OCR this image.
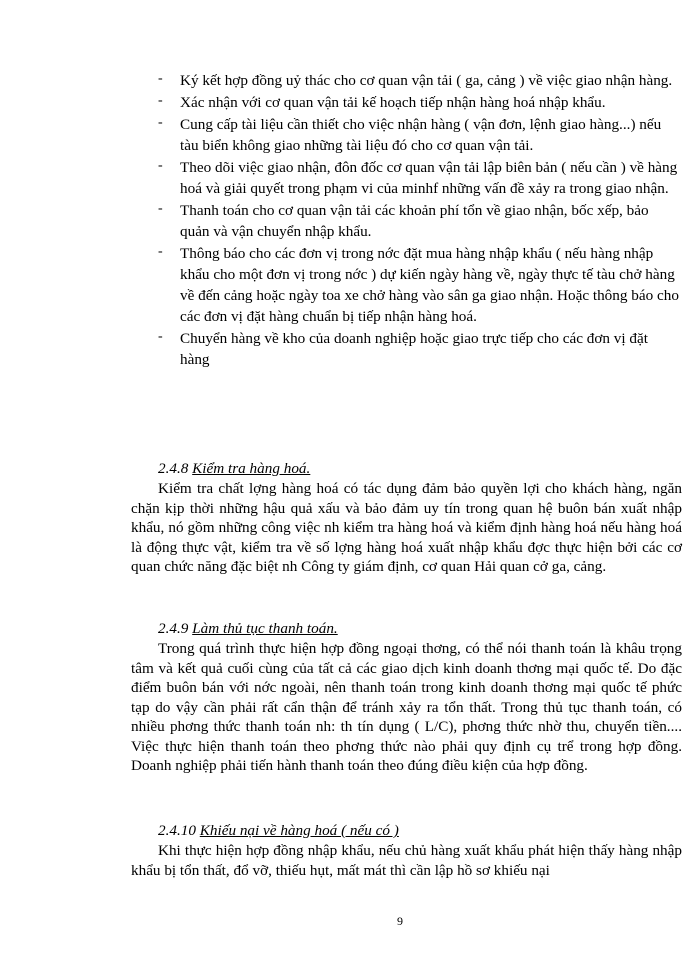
- Ký kết hợp đồng uỷ thác cho cơ quan vận tải ( ga, cảng ) về việc giao nhận hàng.
- Xác nhận với cơ quan vận tải kế hoạch tiếp nhận hàng hoá nhập khẩu.
- Cung cấp tài liệu cần thiết cho việc nhận hàng ( vận đơn, lệnh giao hàng...) nếu tàu biển không giao những tài liệu đó cho cơ quan vận tải.
- Theo dõi việc giao nhận, đôn đốc cơ quan vận tải lập biên bản ( nếu cần ) về hàng hoá và giải quyết trong phạm vi của minhf những vấn đề xảy ra trong giao nhận.
- Thanh toán cho cơ quan vận tải các khoản phí tổn về giao nhận, bốc xếp, bảo quản và vận chuyển nhập khẩu.
- Thông báo cho các đơn vị trong nớc đặt mua hàng nhập khẩu ( nếu hàng nhập khẩu cho một đơn vị trong nớc ) dự kiến ngày hàng về, ngày thực tế tàu chở hàng về đến cảng hoặc ngày toa xe chở hàng vào sân ga giao nhận. Hoặc thông báo cho các đơn vị đặt hàng chuẩn bị tiếp nhận hàng hoá.
- Chuyển hàng về kho của doanh nghiệp hoặc giao trực tiếp cho các đơn vị đặt hàng
2.4.8 Kiểm tra hàng hoá.
Kiểm tra chất lợng hàng hoá có tác dụng đảm bảo quyền lợi cho khách hàng, ngăn chặn kịp thời những hậu quả xấu và bảo đảm uy tín trong quan hệ buôn bán xuất nhập khẩu, nó gồm những công việc nh kiểm tra hàng hoá và kiểm định hàng hoá nếu hàng hoá là động thực vật, kiểm tra về số lợng hàng hoá xuất nhập khẩu đợc thực hiện bởi các cơ quan chức năng đặc biệt nh Công ty giám định, cơ quan Hải quan cở ga, cảng.
2.4.9 Làm thủ tục thanh toán.
Trong quá trình thực hiện hợp đồng ngoại thơng, có thể nói thanh toán là khâu trọng tâm và kết quả cuối cùng của tất cả các giao dịch kinh doanh thơng mại quốc tế. Do đặc điểm buôn bán với nớc ngoài, nên thanh toán trong kinh doanh thơng mại quốc tế phức tạp do vậy cần phải rất cẩn thận để tránh xảy ra tổn thất. Trong thủ tục thanh toán, có nhiều phơng thức thanh toán nh: th tín dụng ( L/C), phơng thức nhờ thu, chuyển tiền.... Việc thực hiện thanh toán theo phơng thức nào phải quy định cụ trể trong hợp đồng. Doanh nghiệp phải tiến hành thanh toán theo đúng điều kiện của hợp đồng.
2.4.10 Khiếu nại về hàng hoá ( nếu có )
Khi thực hiện hợp đồng nhập khẩu, nếu chủ hàng xuất khẩu phát hiện thấy hàng nhập khẩu bị tổn thất, đổ vỡ, thiếu hụt, mất mát thì cần lập hồ sơ khiếu nại
9
